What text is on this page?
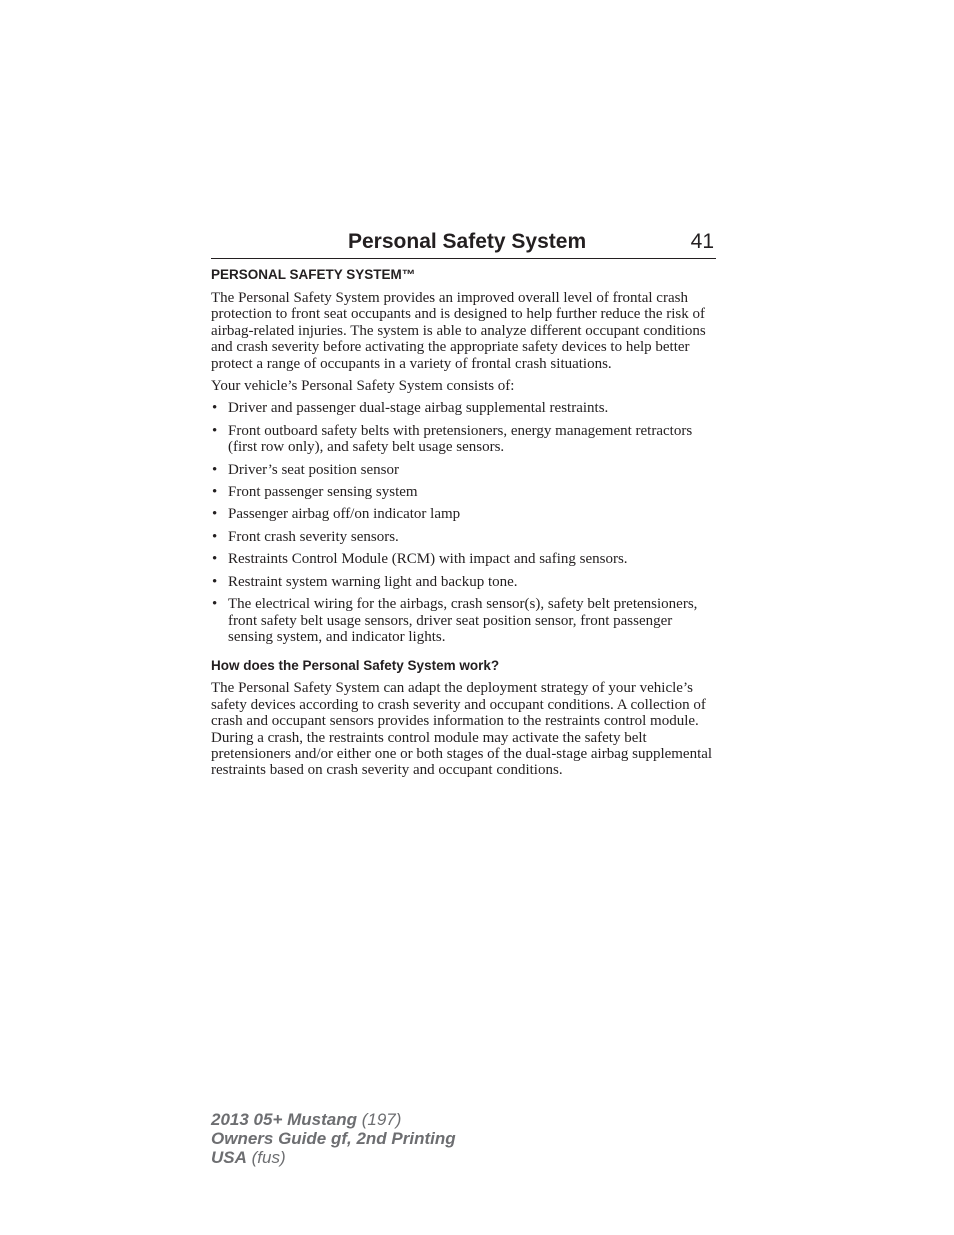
Personal Safety System	41
PERSONAL SAFETY SYSTEM™

The Personal Safety System provides an improved overall level of frontal crash protection to front seat occupants and is designed to help further reduce the risk of airbag-related injuries. The system is able to analyze different occupant conditions and crash severity before activating the appropriate safety devices to help better protect a range of occupants in a variety of frontal crash situations.

Your vehicle’s Personal Safety System consists of:

• Driver and passenger dual-stage airbag supplemental restraints.
• Front outboard safety belts with pretensioners, energy management retractors (first row only), and safety belt usage sensors.
• Driver’s seat position sensor
• Front passenger sensing system
• Passenger airbag off/on indicator lamp
• Front crash severity sensors.
• Restraints Control Module (RCM) with impact and safing sensors.
• Restraint system warning light and backup tone.
• The electrical wiring for the airbags, crash sensor(s), safety belt pretensioners, front safety belt usage sensors, driver seat position sensor, front passenger sensing system, and indicator lights.
How does the Personal Safety System work?

The Personal Safety System can adapt the deployment strategy of your vehicle’s safety devices according to crash severity and occupant conditions. A collection of crash and occupant sensors provides information to the restraints control module. During a crash, the restraints control module may activate the safety belt pretensioners and/or either one or both stages of the dual-stage airbag supplemental restraints based on crash severity and occupant conditions.

2013 05+ Mustang (197)
Owners Guide gf, 2nd Printing
USA (fus)
